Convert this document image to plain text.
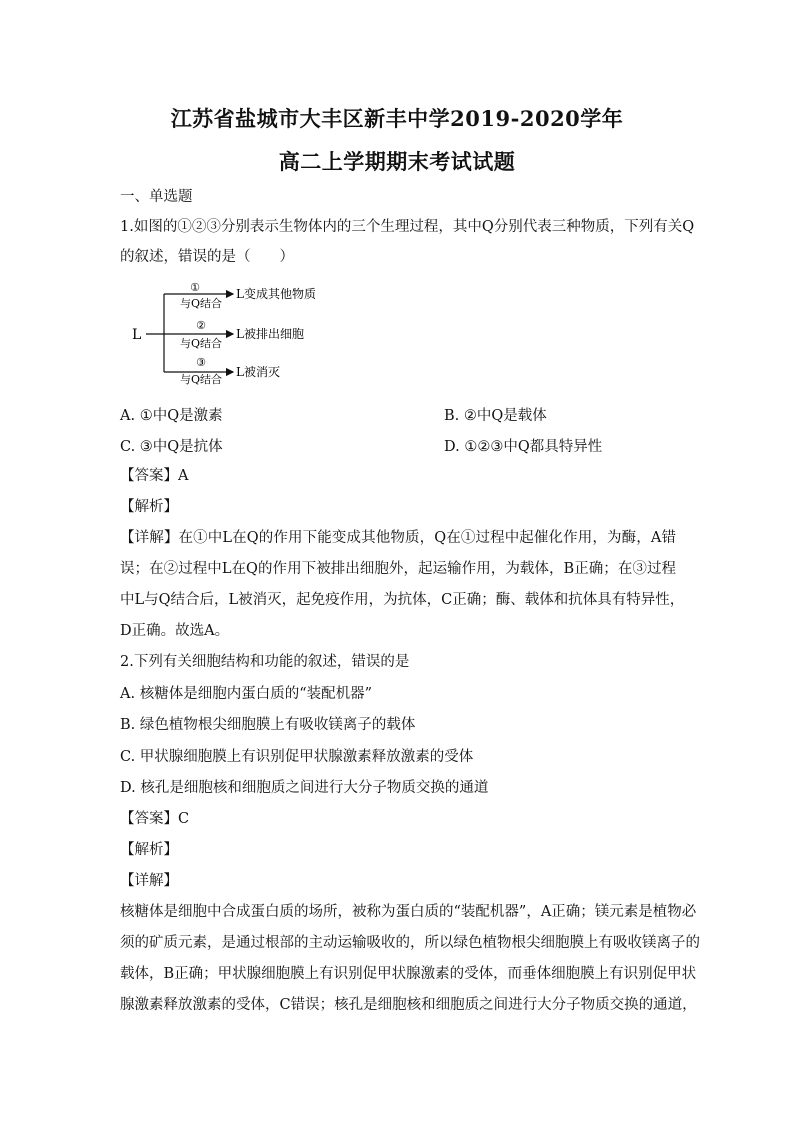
江苏省盐城市大丰区新丰中学2019-2020学年
高二上学期期末考试试题
一、单选题
1.如图的①②③分别表示生物体内的三个生理过程，其中Q分别代表三种物质，下列有关Q
的叙述，错误的是（　　）
L
①
与Q结合
L变成其他物质
②
与Q结合
L被排出细胞
③
与Q结合
L被消灭
A. ①中Q是激素	B. ②中Q是载体
C. ③中Q是抗体	D. ①②③中Q都具特异性
【答案】A
【解析】
【详解】在①中L在Q的作用下能变成其他物质，Q在①过程中起催化作用，为酶，A错
误；在②过程中L在Q的作用下被排出细胞外，起运输作用，为载体，B正确；在③过程
中L与Q结合后，L被消灭，起免疫作用，为抗体，C正确；酶、载体和抗体具有特异性，
D正确。故选A。
2.下列有关细胞结构和功能的叙述，错误的是
A. 核糖体是细胞内蛋白质的“装配机器”
B. 绿色植物根尖细胞膜上有吸收镁离子的载体
C. 甲状腺细胞膜上有识别促甲状腺激素释放激素的受体
D. 核孔是细胞核和细胞质之间进行大分子物质交换的通道
【答案】C
【解析】
【详解】
核糖体是细胞中合成蛋白质的场所，被称为蛋白质的“装配机器”，A正确；镁元素是植物必
须的矿质元素，是通过根部的主动运输吸收的，所以绿色植物根尖细胞膜上有吸收镁离子的
载体，B正确；甲状腺细胞膜上有识别促甲状腺激素的受体，而垂体细胞膜上有识别促甲状
腺激素释放激素的受体，C错误；核孔是细胞核和细胞质之间进行大分子物质交换的通道，
